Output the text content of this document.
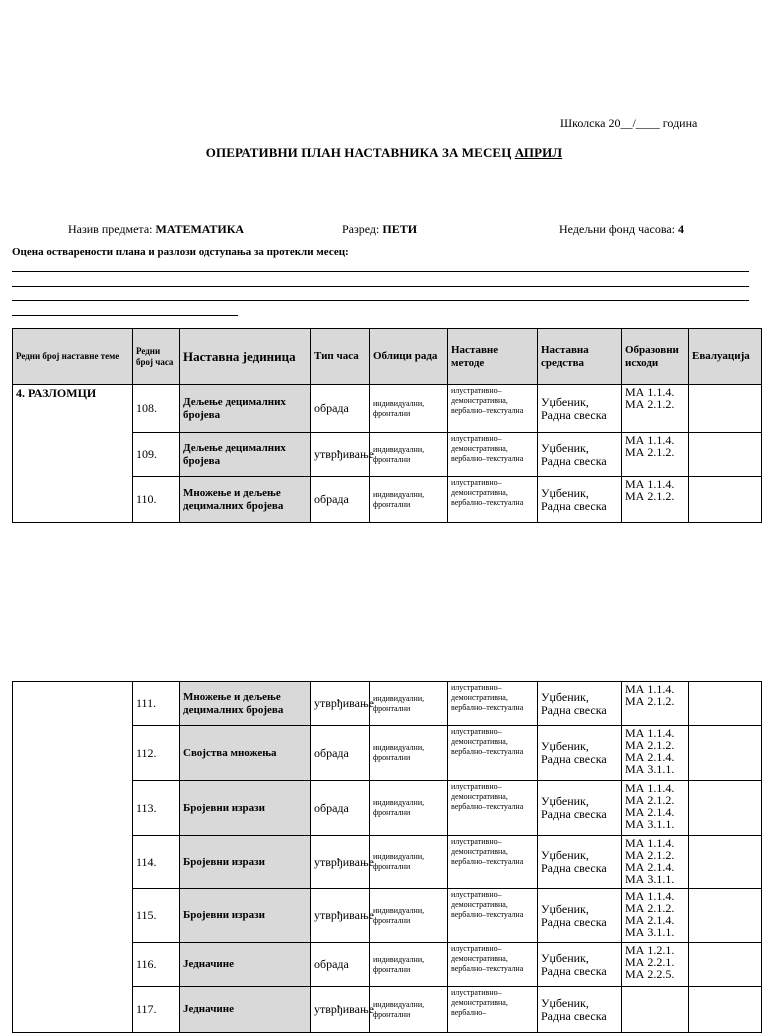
Школска 20__/____ година
ОПЕРАТИВНИ ПЛАН НАСТАВНИКА ЗА МЕСЕЦ АПРИЛ
Назив предмета: МАТЕМАТИКА	Разред: ПЕТИ	Недељни фонд часова: 4
Оцена остварености плана и разлози одступања за протекли месец:
Редни број наставне теме	Редни број часа	Наставна јединица	Тип часа	Облици рада	Наставне методе	Наставна средства	Образовни исходи	Евалуација
4. РАЗЛОМЦИ	108.	Дељење децималних бројева	обрада	индивидуални, фронтални	илустративно–демонстративна, вербално–текстуална	Уџбеник, Радна свеска	МА 1.1.4.
МА 2.1.2.	

	109.	Дељење децималних бројева	утврђивање	индивидуални, фронтални	илустративно–демонстративна, вербално–текстуална	Уџбеник, Радна свеска	МА 1.1.4.
МА 2.1.2.	

	110.	Множење и дељење децималних бројева	обрада	индивидуални, фронтални	илустративно–демонстративна, вербално–текстуална	Уџбеник, Радна свеска	МА 1.1.4.
МА 2.1.2.	

	111.	Множење и дељење децималних бројева	утврђивање	индивидуални, фронтални	илустративно–демонстративна, вербално–текстуална	Уџбеник, Радна свеска	МА 1.1.4.
МА 2.1.2.	

	112.	Својства множења	обрада	индивидуални, фронтални	илустративно–демонстративна, вербално–текстуална	Уџбеник, Радна свеска	МА 1.1.4.
МА 2.1.2.
МА 2.1.4.
МА 3.1.1.	

	113.	Бројевни изрази	обрада	индивидуални, фронтални	илустративно–демонстративна, вербално–текстуална	Уџбеник, Радна свеска	МА 1.1.4.
МА 2.1.2.
МА 2.1.4.
МА 3.1.1.	

	114.	Бројевни изрази	утврђивање	индивидуални, фронтални	илустративно–демонстративна, вербално–текстуална	Уџбеник, Радна свеска	МА 1.1.4.
МА 2.1.2.
МА 2.1.4.
МА 3.1.1.	

	115.	Бројевни изрази	утврђивање	индивидуални, фронтални	илустративно–демонстративна, вербално–текстуална	Уџбеник, Радна свеска	МА 1.1.4.
МА 2.1.2.
МА 2.1.4.
МА 3.1.1.	

	116.	Једначине	обрада	индивидуални, фронтални	илустративно–демонстративна, вербално–текстуална	Уџбеник, Радна свеска	МА 1.2.1.
МА 2.2.1.
МА 2.2.5.	

	117.	Једначине	утврђивање	индивидуални, фронтални	илустративно–демонстративна, вербално–	Уџбеник, Радна свеска		
